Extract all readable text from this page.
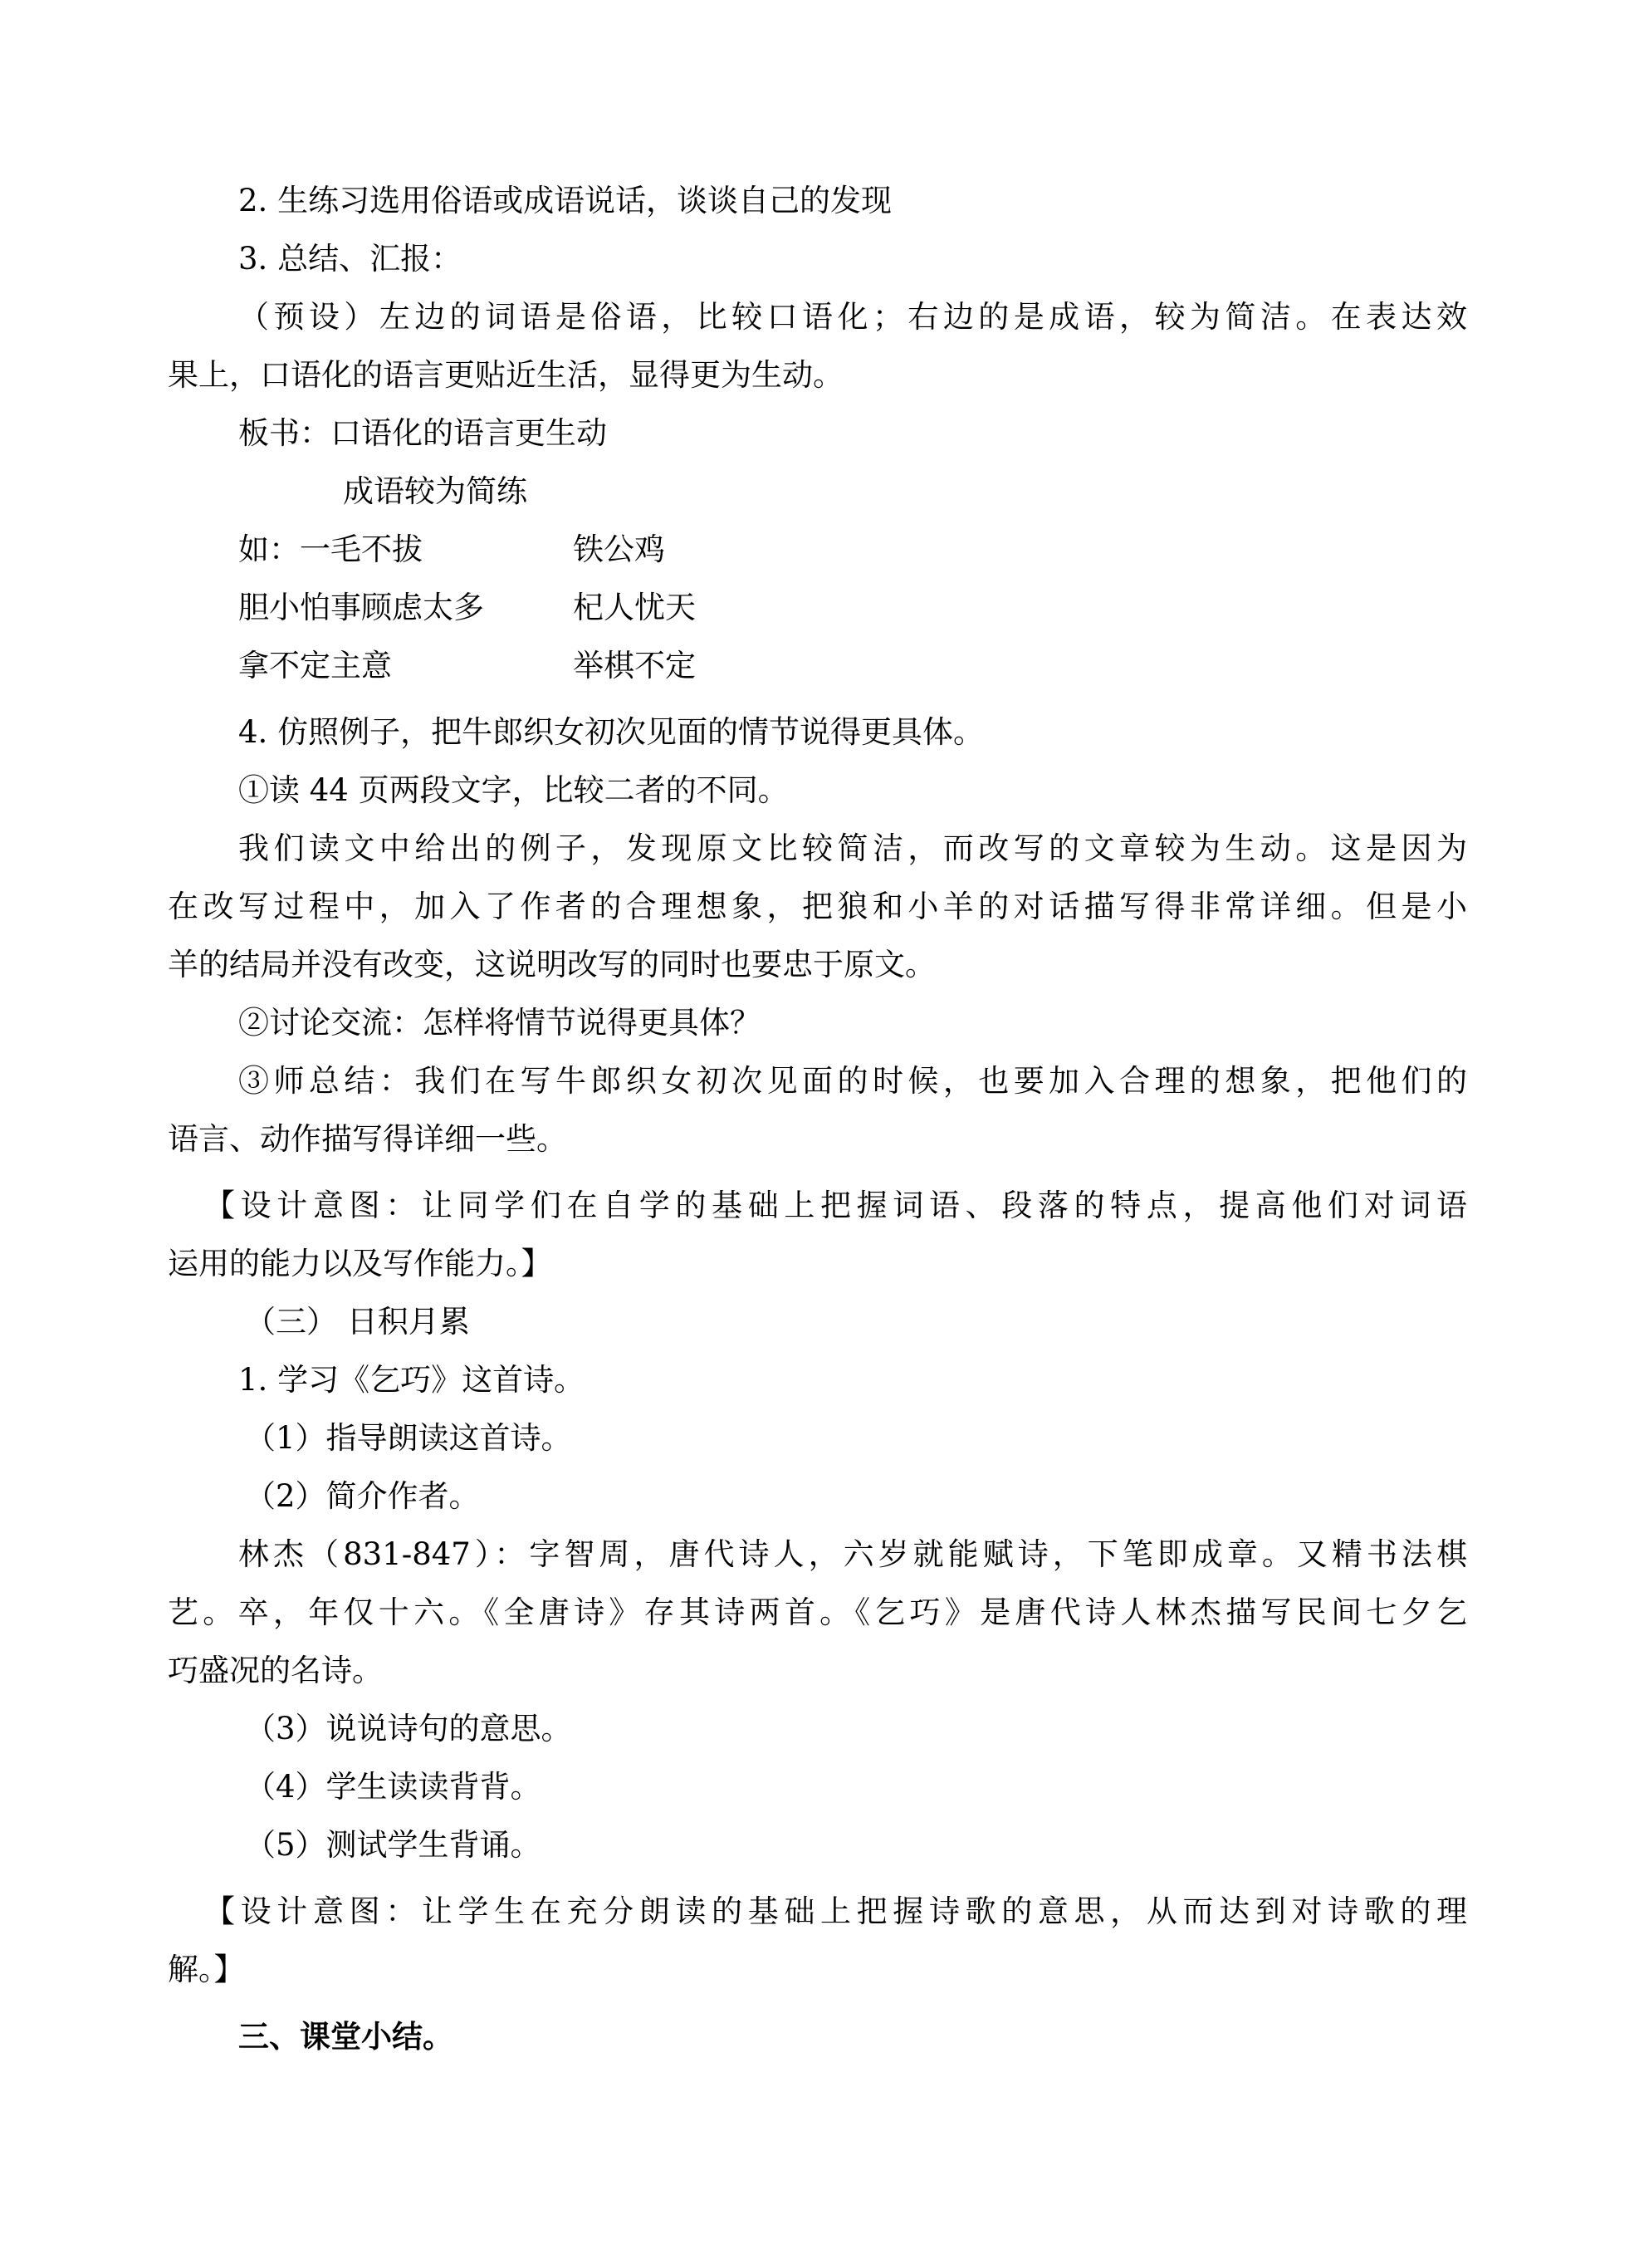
2. 生练习选用俗语或成语说话，谈谈自己的发现
3. 总结、汇报：
（预设）左边的词语是俗语，比较口语化；右边的是成语，较为简洁。在表达效
果上，口语化的语言更贴近生活，显得更为生动。
板书：口语化的语言更生动
成语较为简练
如：一毛不拔	铁公鸡
胆小怕事顾虑太多	杞人忧天
拿不定主意	举棋不定
4. 仿照例子，把牛郎织女初次见面的情节说得更具体。
①读 44 页两段文字，比较二者的不同。
我们读文中给出的例子，发现原文比较简洁，而改写的文章较为生动。这是因为
在改写过程中，加入了作者的合理想象，把狼和小羊的对话描写得非常详细。但是小
羊的结局并没有改变，这说明改写的同时也要忠于原文。
②讨论交流：怎样将情节说得更具体？
③师总结：我们在写牛郎织女初次见面的时候，也要加入合理的想象，把他们的
语言、动作描写得详细一些。
【设计意图：让同学们在自学的基础上把握词语、段落的特点，提高他们对词语
运用的能力以及写作能力。】
（三） 日积月累
1. 学习《乞巧》这首诗。
（1）指导朗读这首诗。
（2）简介作者。
林杰（831-847）：字智周，唐代诗人，六岁就能赋诗，下笔即成章。又精书法棋
艺。卒，年仅十六。《全唐诗》存其诗两首。《乞巧》是唐代诗人林杰描写民间七夕乞
巧盛况的名诗。
（3）说说诗句的意思。
（4）学生读读背背。
（5）测试学生背诵。
【设计意图：让学生在充分朗读的基础上把握诗歌的意思，从而达到对诗歌的理
解。】
三、课堂小结。
